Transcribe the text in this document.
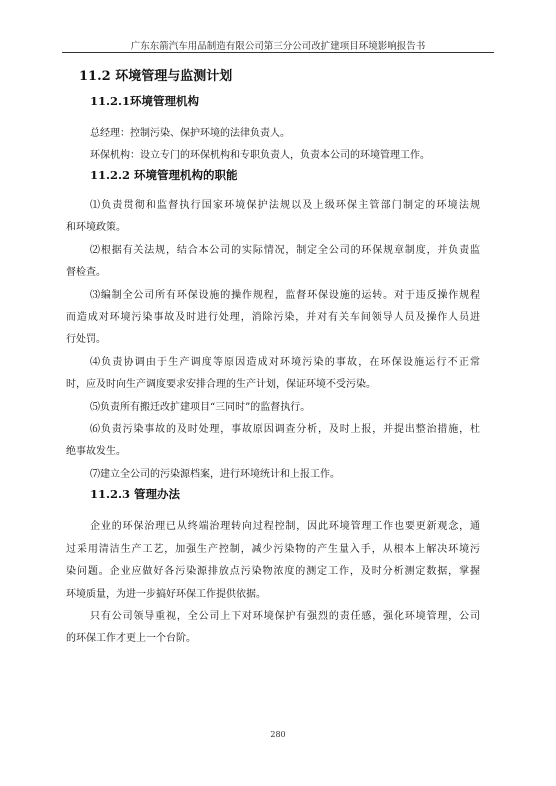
广东东箭汽车用品制造有限公司第三分公司改扩建项目环境影响报告书
11.2 环境管理与监测计划
11.2.1环境管理机构
总经理：控制污染、保护环境的法律负责人。
环保机构：设立专门的环保机构和专职负责人，负责本公司的环境管理工作。
11.2.2 环境管理机构的职能
⑴负责贯彻和监督执行国家环境保护法规以及上级环保主管部门制定的环境法规
和环境政策。
⑵根据有关法规，结合本公司的实际情况，制定全公司的环保规章制度，并负责监
督检查。
⑶编制全公司所有环保设施的操作规程，监督环保设施的运转。对于违反操作规程
而造成对环境污染事故及时进行处理，消除污染，并对有关车间领导人员及操作人员进
行处罚。
⑷负责协调由于生产调度等原因造成对环境污染的事故，在环保设施运行不正常
时，应及时向生产调度要求安排合理的生产计划，保证环境不受污染。
⑸负责所有搬迁改扩建项目“三同时”的监督执行。
⑹负责污染事故的及时处理，事故原因调查分析，及时上报，并提出整治措施，杜
绝事故发生。
⑺建立全公司的污染源档案，进行环境统计和上报工作。
11.2.3 管理办法
企业的环保治理已从终端治理转向过程控制，因此环境管理工作也要更新观念，通
过采用清洁生产工艺，加强生产控制，减少污染物的产生量入手，从根本上解决环境污
染问题。企业应做好各污染源排放点污染物浓度的测定工作，及时分析测定数据，掌握
环境质量，为进一步搞好环保工作提供依据。
只有公司领导重视，全公司上下对环境保护有强烈的责任感，强化环境管理，公司
的环保工作才更上一个台阶。
280
